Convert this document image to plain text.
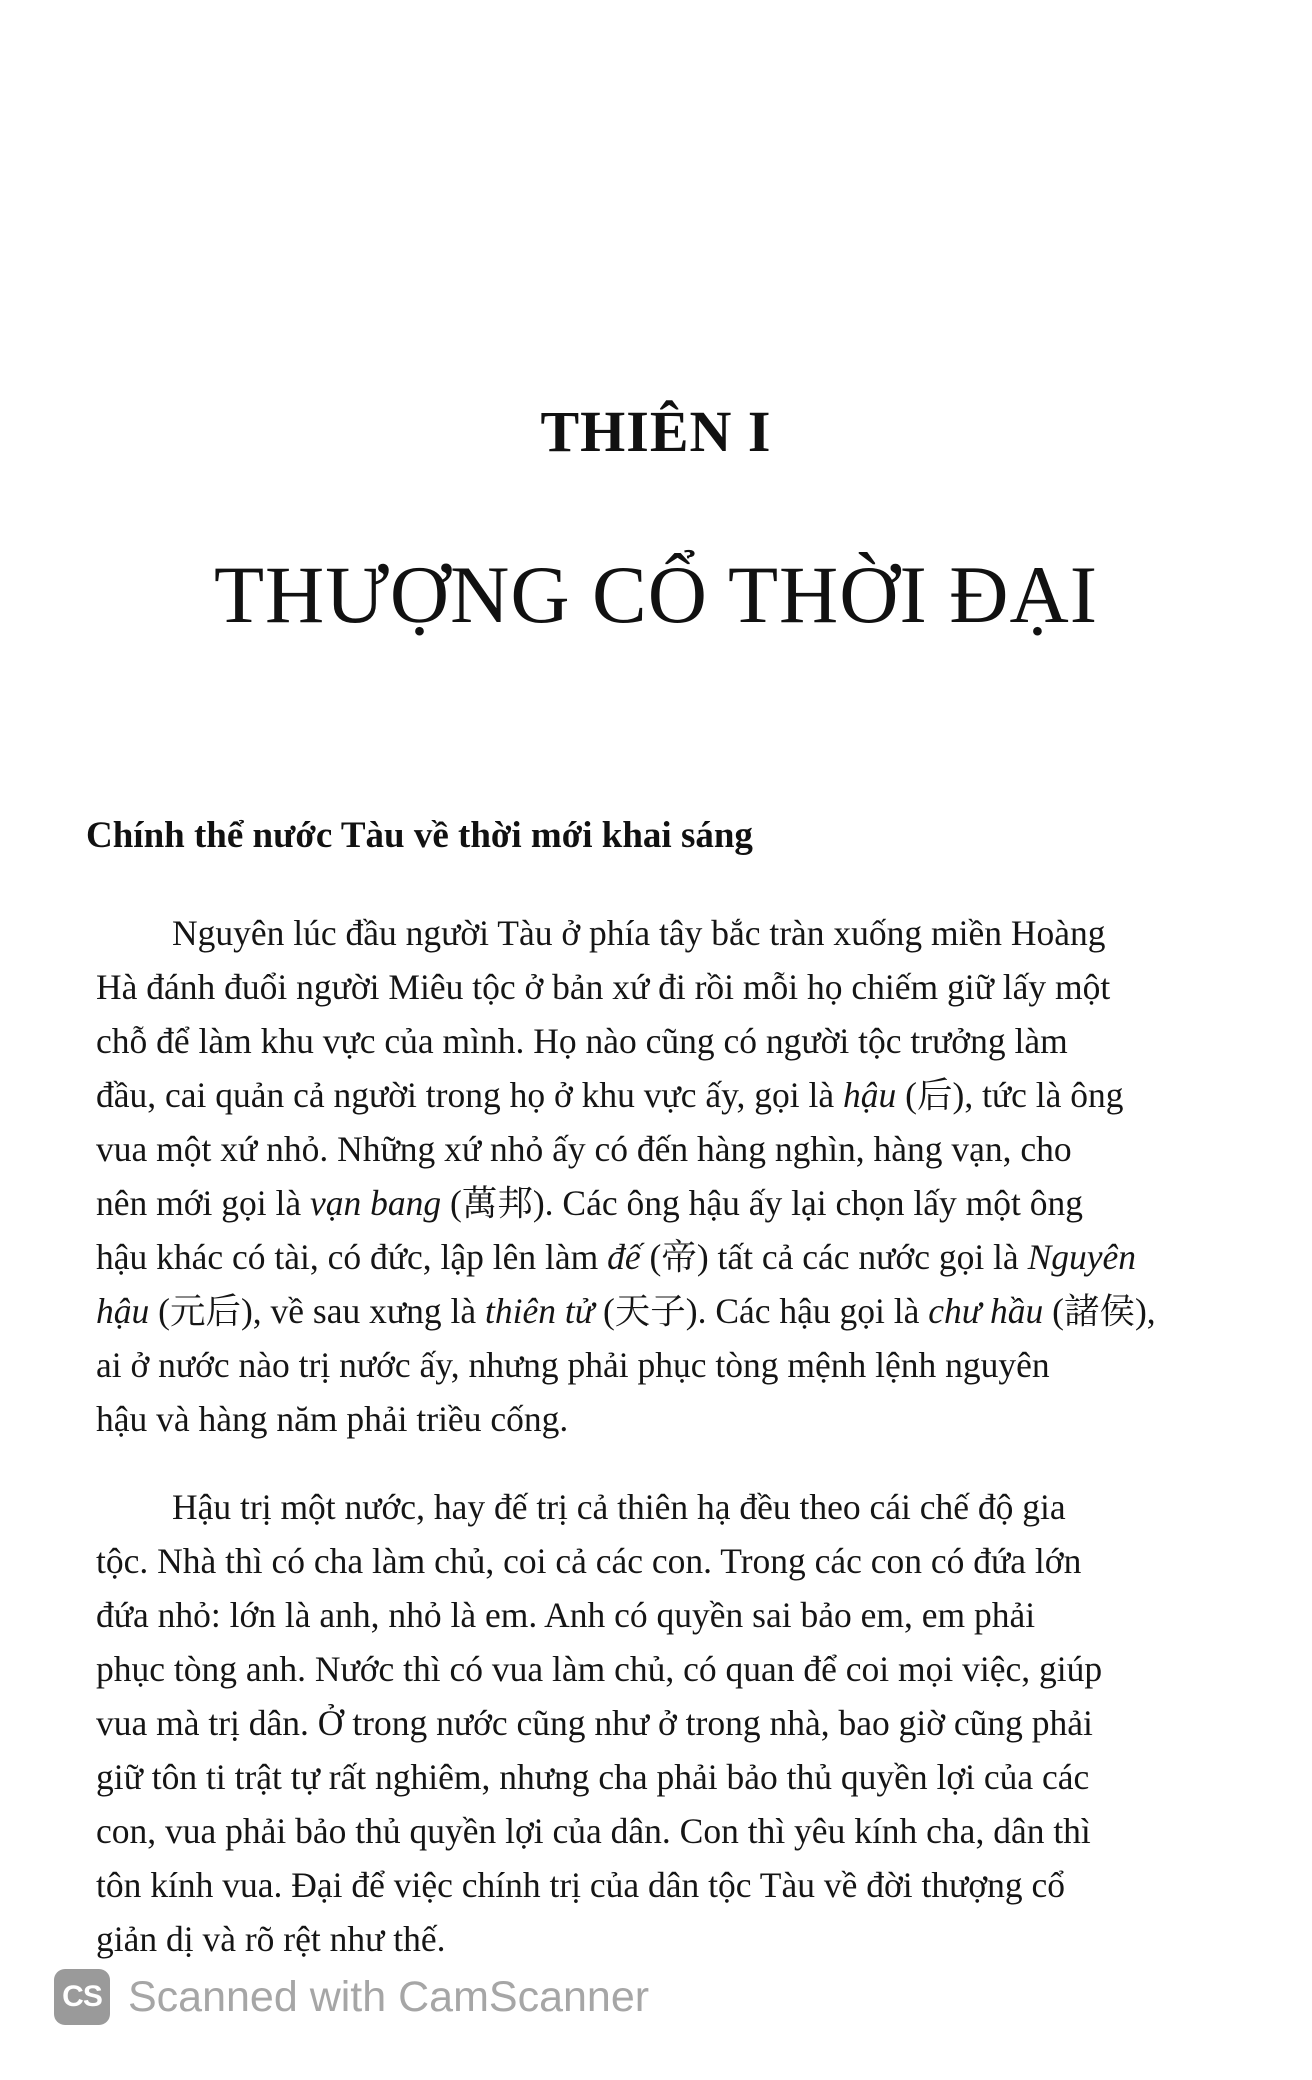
THIÊN I
THƯỢNG CỔ THỜI ĐẠI
Chính thể nước Tàu về thời mới khai sáng
Nguyên lúc đầu người Tàu ở phía tây bắc tràn xuống miền Hoàng
Hà đánh đuổi người Miêu tộc ở bản xứ đi rồi mỗi họ chiếm giữ lấy một
chỗ để làm khu vực của mình. Họ nào cũng có người tộc trưởng làm
đầu, cai quản cả người trong họ ở khu vực ấy, gọi là hậu (后), tức là ông
vua một xứ nhỏ. Những xứ nhỏ ấy có đến hàng nghìn, hàng vạn, cho
nên mới gọi là vạn bang (萬邦). Các ông hậu ấy lại chọn lấy một ông
hậu khác có tài, có đức, lập lên làm đế (帝) tất cả các nước gọi là Nguyên
hậu (元后), về sau xưng là thiên tử (天子). Các hậu gọi là chư hầu (諸侯),
ai ở nước nào trị nước ấy, nhưng phải phục tòng mệnh lệnh nguyên
hậu và hàng năm phải triều cống.
Hậu trị một nước, hay đế trị cả thiên hạ đều theo cái chế độ gia
tộc. Nhà thì có cha làm chủ, coi cả các con. Trong các con có đứa lớn
đứa nhỏ: lớn là anh, nhỏ là em. Anh có quyền sai bảo em, em phải
phục tòng anh. Nước thì có vua làm chủ, có quan để coi mọi việc, giúp
vua mà trị dân. Ở trong nước cũng như ở trong nhà, bao giờ cũng phải
giữ tôn ti trật tự rất nghiêm, nhưng cha phải bảo thủ quyền lợi của các
con, vua phải bảo thủ quyền lợi của dân. Con thì yêu kính cha, dân thì
tôn kính vua. Đại để việc chính trị của dân tộc Tàu về đời thượng cổ
giản dị và rõ rệt như thế.
CS Scanned with CamScanner
